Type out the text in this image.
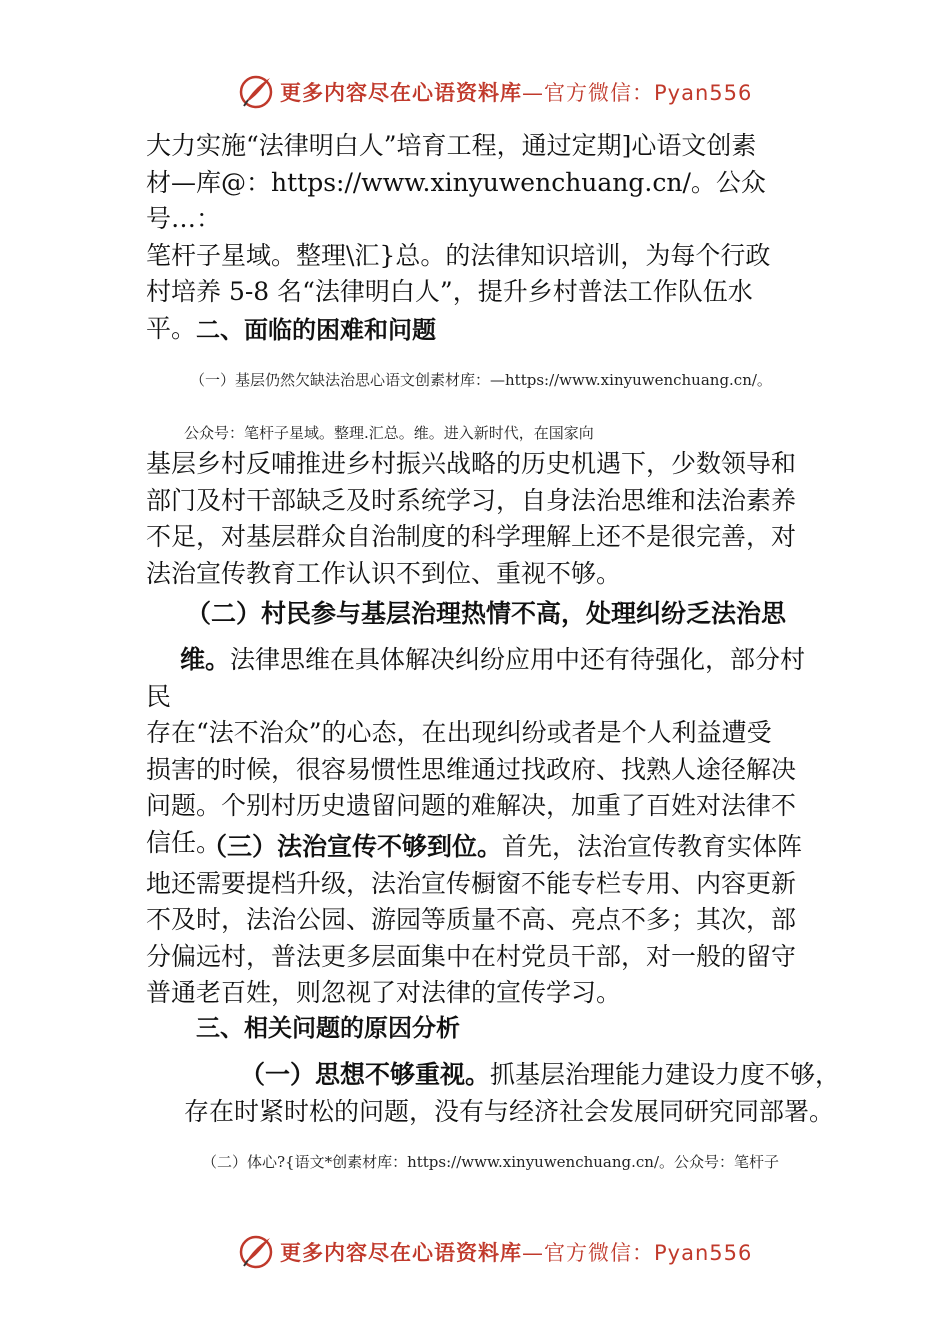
更多内容尽在心语资料库—官方微信：Pyan556
大力实施“法律明白人”培育工程，通过定期]心语文创素
材—库@：https://www.xinyuwenchuang.cn/。公众号…：
笔杆子星域。整理\汇}总。的法律知识培训，为每个行政
村培养 5-8 名“法律明白人”，提升乡村普法工作队伍水
平。 二、面临的困难和问题
（一）基层仍然欠缺法治思心语文创素材库：—https://www.xinyuwenchuang.cn/。
公众号：笔杆子星域。整理.汇总。维。进入新时代，在国家向
基层乡村反哺推进乡村振兴战略的历史机遇下，少数领导和
部门及村干部缺乏及时系统学习，自身法治思维和法治素养
不足，对基层群众自治制度的科学理解上还不是很完善，对
法治宣传教育工作认识不到位、重视不够。
（二）村民参与基层治理热情不高，处理纠纷乏法治思
维。法律思维在具体解决纠纷应用中还有待强化，部分村民
存在“法不治众”的心态，在出现纠纷或者是个人利益遭受
损害的时候，很容易惯性思维通过找政府、找熟人途径解决
问题。个别村历史遗留问题的难解决，加重了百姓对法律不
信任。
（三）法治宣传不够到位。首先，法治宣传教育实体阵
地还需要提档升级，法治宣传橱窗不能专栏专用、内容更新
不及时，法治公园、游园等质量不高、亮点不多；其次，部
分偏远村，普法更多层面集中在村党员干部，对一般的留守
普通老百姓，则忽视了对法律的宣传学习。
三、相关问题的原因分析
（一）思想不够重视。抓基层治理能力建设力度不够，
存在时紧时松的问题，没有与经济社会发展同研究同部署。
（二）体心?{语文*创素材库：https://www.xinyuwenchuang.cn/。公众号：笔杆子
更多内容尽在心语资料库—官方微信：Pyan556
